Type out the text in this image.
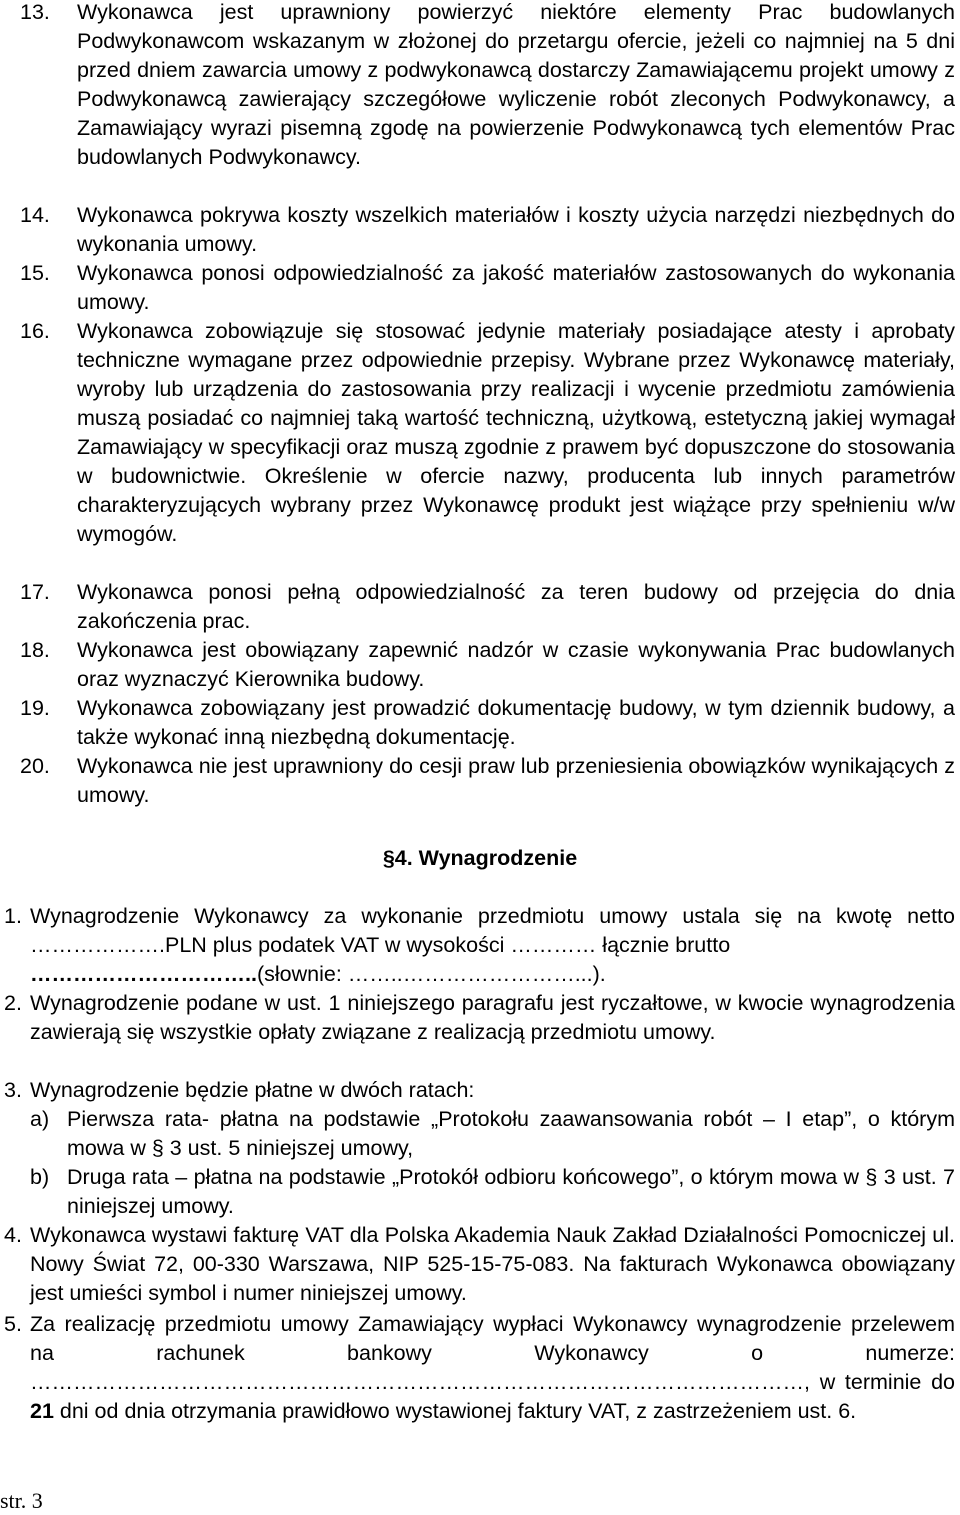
13. Wykonawca jest uprawniony powierzyć niektóre elementy Prac budowlanych Podwykonawcom wskazanym w złożonej do przetargu ofercie, jeżeli co najmniej na 5 dni przed dniem zawarcia umowy z podwykonawcą dostarczy Zamawiającemu projekt umowy z Podwykonawcą zawierający szczegółowe wyliczenie robót zleconych Podwykonawcy, a Zamawiający wyrazi pisemną zgodę na powierzenie Podwykonawcą tych elementów Prac budowlanych Podwykonawcy.
14. Wykonawca pokrywa koszty wszelkich materiałów i koszty użycia narzędzi niezbędnych do wykonania umowy.
15. Wykonawca ponosi odpowiedzialność za jakość materiałów zastosowanych do wykonania umowy.
16. Wykonawca zobowiązuje się stosować jedynie materiały posiadające atesty i aprobaty techniczne wymagane przez odpowiednie przepisy. Wybrane przez Wykonawcę materiały, wyroby lub urządzenia do zastosowania przy realizacji i wycenie przedmiotu zamówienia muszą posiadać co najmniej taką wartość techniczną, użytkową, estetyczną jakiej wymagał Zamawiający w specyfikacji oraz muszą zgodnie z prawem być dopuszczone do stosowania w budownictwie. Określenie w ofercie nazwy, producenta lub innych parametrów charakteryzujących wybrany przez Wykonawcę produkt jest wiążące przy spełnieniu w/w wymogów.
17. Wykonawca ponosi pełną odpowiedzialność za teren budowy od przejęcia do dnia zakończenia prac.
18. Wykonawca jest obowiązany zapewnić nadzór w czasie wykonywania Prac budowlanych oraz wyznaczyć Kierownika budowy.
19. Wykonawca zobowiązany jest prowadzić dokumentację budowy, w tym dziennik budowy, a także wykonać inną niezbędną dokumentację.
20. Wykonawca nie jest uprawniony do cesji praw lub przeniesienia obowiązków wynikających z umowy.
§4. Wynagrodzenie
1. Wynagrodzenie Wykonawcy za wykonanie przedmiotu umowy ustala się na kwotę netto ……………….PLN plus podatek VAT w wysokości ………… łącznie brutto
…………………………..(słownie: ……..……………………...).
2. Wynagrodzenie podane w ust. 1 niniejszego paragrafu jest ryczałtowe, w kwocie wynagrodzenia zawierają się wszystkie opłaty związane z realizacją przedmiotu umowy.
3. Wynagrodzenie będzie płatne w dwóch ratach:
a) Pierwsza rata- płatna na podstawie „Protokołu zaawansowania robót – I etap”, o którym mowa w § 3 ust. 5 niniejszej umowy,
b) Druga rata – płatna na podstawie „Protokół odbioru końcowego”, o którym mowa w § 3 ust. 7 niniejszej umowy.
4. Wykonawca wystawi fakturę VAT dla Polska Akademia Nauk Zakład Działalności Pomocniczej ul. Nowy Świat 72, 00-330 Warszawa, NIP 525-15-75-083. Na fakturach Wykonawca obowiązany jest umieści symbol i numer niniejszej umowy.
5. Za realizację przedmiotu umowy Zamawiający wypłaci Wykonawcy wynagrodzenie przelewem na rachunek bankowy Wykonawcy o numerze: ………………………………………………………………………………………………, w terminie do 21 dni od dnia otrzymania prawidłowo wystawionej faktury VAT, z zastrzeżeniem ust. 6.
str. 3
